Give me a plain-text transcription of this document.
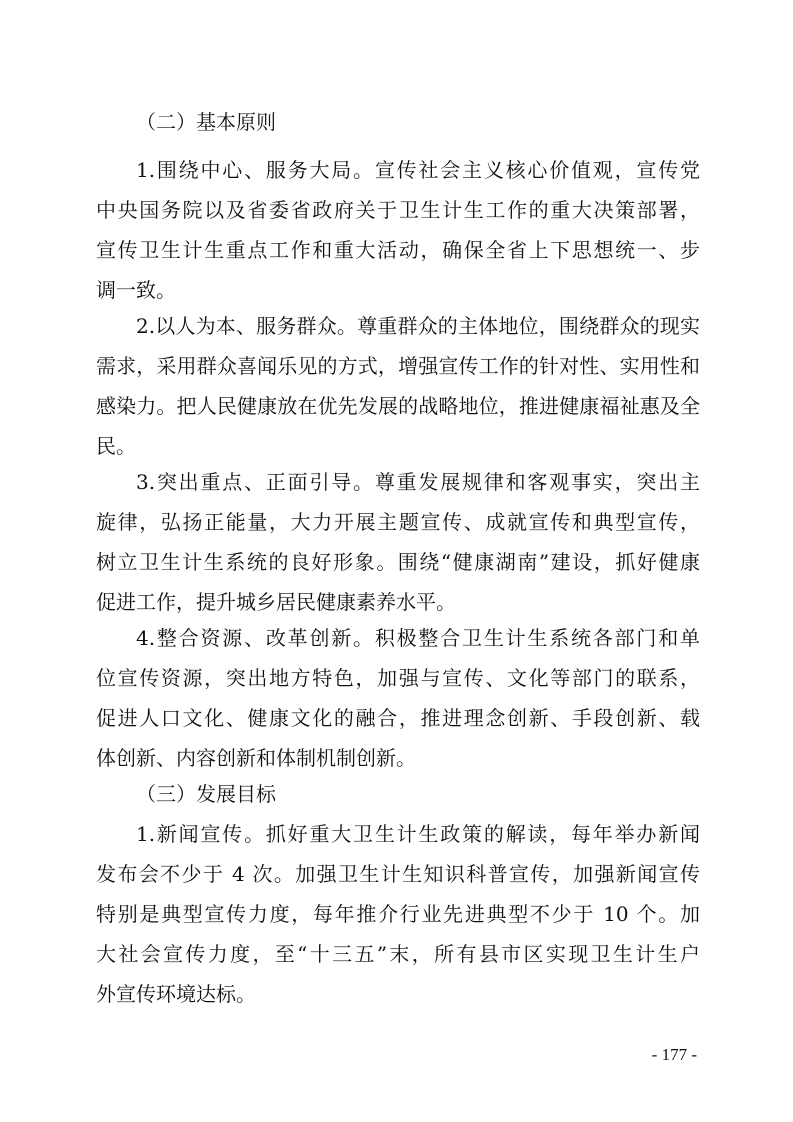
（二）基本原则
1.围绕中心、服务大局。宣传社会主义核心价值观，宣传党
中央国务院以及省委省政府关于卫生计生工作的重大决策部署，
宣传卫生计生重点工作和重大活动，确保全省上下思想统一、步
调一致。
2.以人为本、服务群众。尊重群众的主体地位，围绕群众的现实
需求，采用群众喜闻乐见的方式，增强宣传工作的针对性、实用性和
感染力。把人民健康放在优先发展的战略地位，推进健康福祉惠及全
民。
3.突出重点、正面引导。尊重发展规律和客观事实，突出主
旋律，弘扬正能量，大力开展主题宣传、成就宣传和典型宣传，
树立卫生计生系统的良好形象。围绕“健康湖南”建设，抓好健康
促进工作，提升城乡居民健康素养水平。
4.整合资源、改革创新。积极整合卫生计生系统各部门和单
位宣传资源，突出地方特色，加强与宣传、文化等部门的联系，
促进人口文化、健康文化的融合，推进理念创新、手段创新、载
体创新、内容创新和体制机制创新。
（三）发展目标
1.新闻宣传。抓好重大卫生计生政策的解读，每年举办新闻
发布会不少于 4 次。加强卫生计生知识科普宣传，加强新闻宣传
特别是典型宣传力度，每年推介行业先进典型不少于 10 个。加
大社会宣传力度，至“十三五”末，所有县市区实现卫生计生户
外宣传环境达标。
- 177 -
